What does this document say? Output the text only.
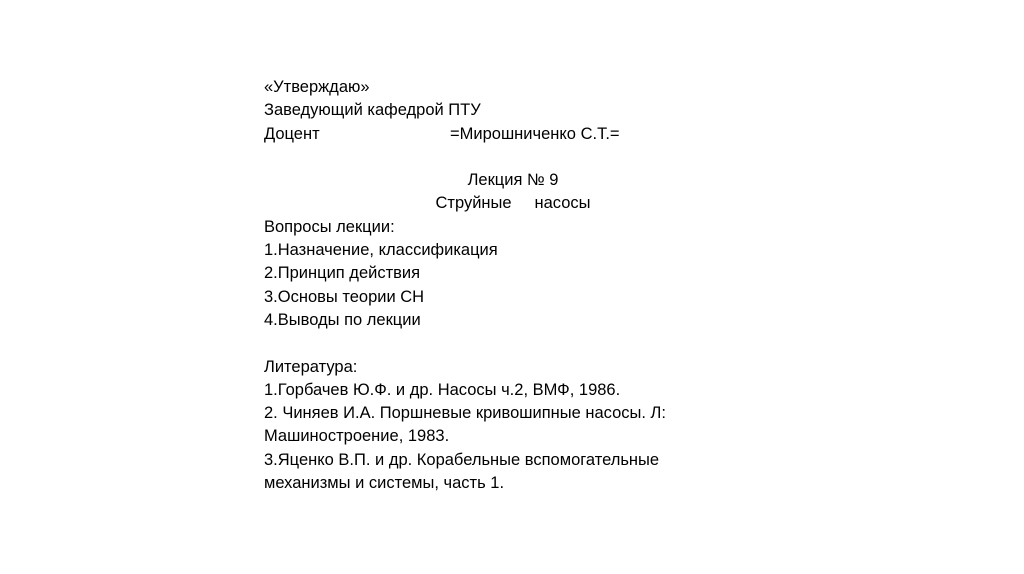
«Утверждаю»
Заведующий кафедрой ПТУ
Доцент	=Мирошниченко С.Т.=
Лекция № 9
Струйные     насосы
Вопросы лекции:
1.Назначение, классификация
2.Принцип действия
3.Основы теории СН
4.Выводы по лекции
Литература:
1.Горбачев Ю.Ф. и др. Насосы ч.2, ВМФ, 1986.
2. Чиняев И.А. Поршневые кривошипные насосы. Л: Машиностроение, 1983.
3.Яценко В.П. и др. Корабельные вспомогательные механизмы и системы, часть 1.
